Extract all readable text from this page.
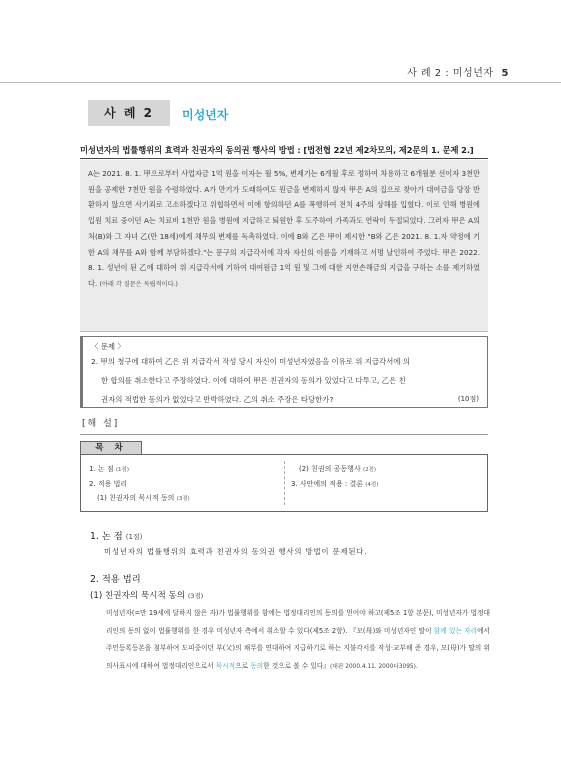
사 례 2 : 미성년자 5
사 례 2	미성년자
미성년자의 법률행위의 효력과 친권자의 동의권 행사의 방법 : [법전협 22년 제2차모의, 제2문의 1. 문제 2.]

A는 2021. 8. 1. 甲으로부터 사업자금 1억 원을 이자는 월 5%, 변제기는 6개월 후로 정하여 차용하고 6개월분 선이자 3천만 원을 공제한 7천만 원을 수령하였다. A가 만기가 도래하여도 원금을 변제하지 않자 甲은 A의 집으로 찾아가 대여금을 당장 반환하지 않으면 사기죄로 고소하겠다고 위협하면서 이에 항의하던 A를 폭행하여 전치 4주의 상해를 입혔다. 이로 인해 병원에 입원 치료 중이던 A는 치료비 1천만 원을 병원에 지급하고 퇴원한 후 도주하여 가족과도 연락이 두절되었다. 그러자 甲은 A의 처(B)와 그 자녀 乙(만 18세)에게 채무의 변제를 독촉하였다. 이에 B와 乙은 甲이 제시한 "B와 乙은 2021. 8. 1.자 약정에 기한 A의 채무를 A와 함께 부담하겠다."는 문구의 지급각서에 각자 자신의 이름을 기재하고 서명 날인하여 주었다. 甲은 2022. 8. 1. 성년이 된 乙에 대하여 위 지급각서에 기하여 대여원금 1억 원 및 그에 대한 지연손해금의 지급을 구하는 소를 제기하였다. (아래 각 질문은 독립적이다.)

〈 문제 〉
2. 甲의 청구에 대하여 乙은 위 지급각서 작성 당시 자신이 미성년자였음을 이유로 위 지급각서에 의
한 합의를 취소한다고 주장하였다. 이에 대하여 甲은 친권자의 동의가 있었다고 다투고, 乙은 친
권자의 적법한 동의가 없었다고 반박하였다. 乙의 취소 주장은 타당한가?	(10점)
[해 설]
목 차
1. 논 점 (1점)
2. 적용 법리
(1) 친권자의 묵시적 동의 (3점)
(2) 친권의 공동행사 (2점)
3. 사안에의 적용 : 결론 (4점)
1. 논 점 (1점)
미성년자의 법률행위의 효력과 친권자의 동의권 행사의 방법이 문제된다.
2. 적용 법리
(1) 친권자의 묵시적 동의 (3점)
미성년자(=만 19세에 달하지 않은 자)가 법률행위를 함에는 법정대리인의 동의를 얻어야 하고(제5조 1항 본문), 미성년자가 법정대리인의 동의 없이 법률행위를 한 경우 미성년자 측에서 취소할 수 있다(제5조 2항). 『모(母)와 미성년자인 딸이 함께 있는 자리에서 주민등록등본을 첨부하여 도피중이던 부(父)의 채무를 연대하여 지급하기로 하는 지불각서를 작성·교부해 준 경우, 모(母)가 딸의 위 의사표시에 대하여 법정대리인으로서 묵시적으로 동의한 것으로 볼 수 있다』(대판 2000.4.11. 2000다3095).
